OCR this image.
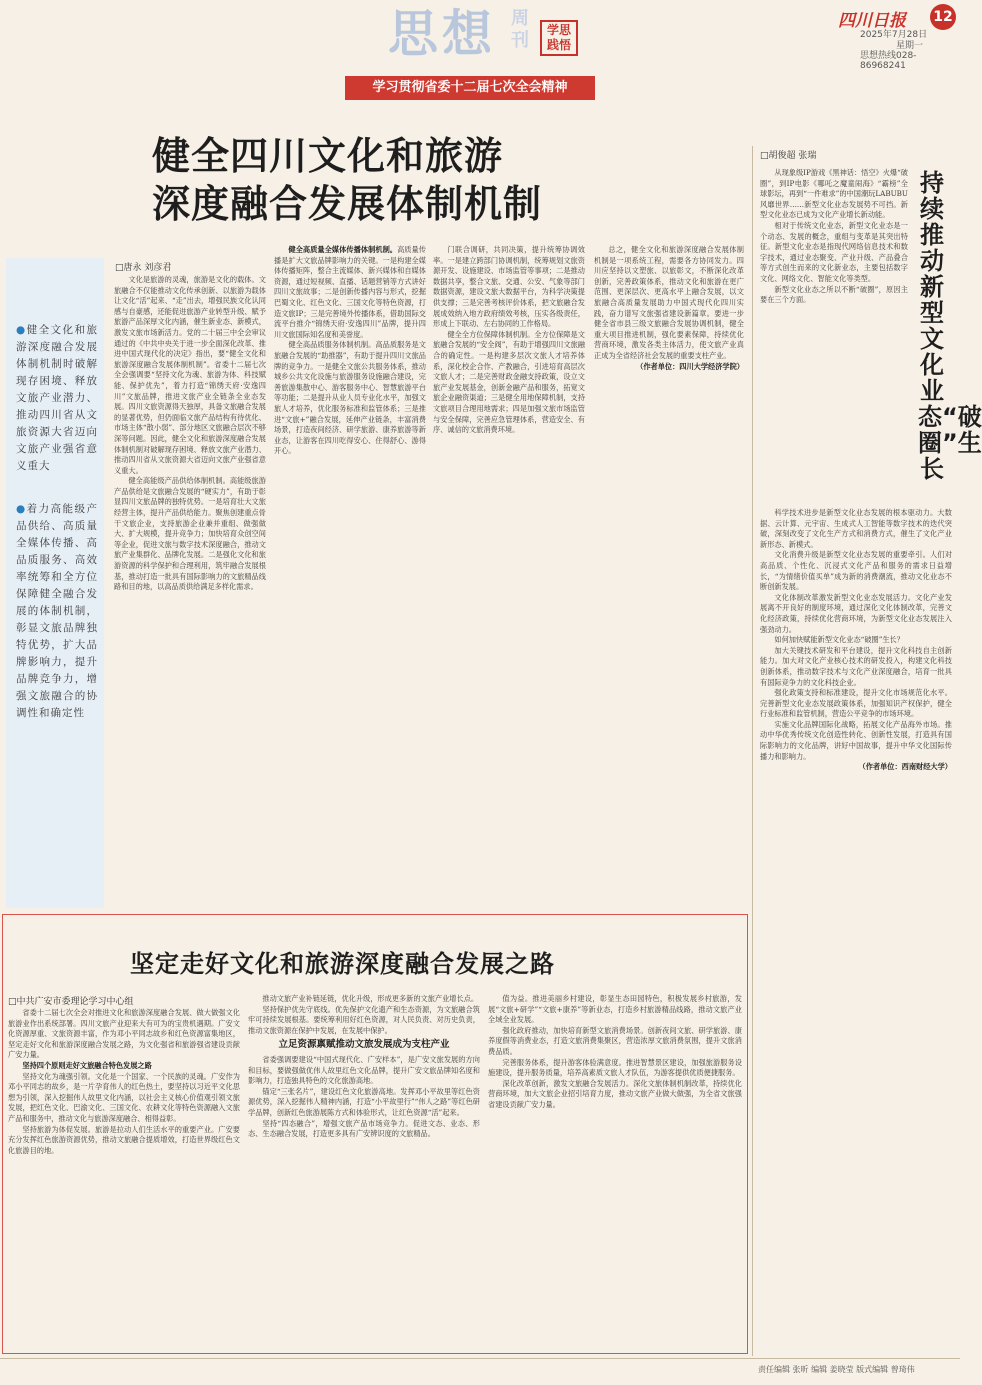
思想 周刊	学思践悟
四川日报 12
2025年7月28日
星期一
思想热线028-86968241
学习贯彻省委十二届七次全会精神
健全四川文化和旅游
深度融合发展体制机制
□唐永 刘彦君
●健全文化和旅游深度融合发展体制机制时破解现存困境、释放文旅产业潜力、推动四川省从文旅资源大省迈向文旅产业强省意义重大
●着力高能级产品供给、高质量全媒体传播、高品质服务、高效率统筹和全方位保障健全融合发展的体制机制，彰显文旅品牌独特优势，扩大品牌影响力，提升品牌竞争力，增强文旅融合的协调性和确定性

文化是旅游的灵魂，旅游是文化的载体。文旅融合不仅能推动文化传承创新、以旅游为载体让文化“活”起来、“走”出去，增强民族文化认同感与自豪感，还能促进旅游产业转型升级、赋予旅游产品深厚文化内涵，催生新业态、新模式，激发文旅市场新活力。党的二十届三中全会审议通过的《中共中央关于进一步全面深化改革、推进中国式现代化的决定》指出，要“健全文化和旅游深度融合发展体制机制”。省委十二届七次全会强调要“坚持文化为魂、旅游为体、科技赋能、保护优先”，着力打造“锦绣天府·安逸四川”文旅品牌，推进文旅产业全链条全业态发展。四川文旅资源得天独厚，具备文旅融合发展的显著优势，但仍面临文旅产品结构有待优化、市场主体“散小弱”、部分地区文旅融合层次不够深等问题。因此，健全文化和旅游深度融合发展体制机制对破解现存困境、释放文旅产业潜力、推动四川省从文旅资源大省迈向文旅产业强省意义重大。

健全高能级产品供给体制机制。高能级旅游产品供给是文旅融合发展的“硬实力”，有助于彰显四川文旅品牌的独特优势。一是培育壮大文旅经营主体，提升产品供给能力。聚焦创建重点骨干文旅企业，支持旅游企业兼并重组、做强做大、扩大规模，提升竞争力；加快培育众创空间等企业，促进文旅与数字技术深度融合，推动文旅产业集群化、品牌化发展。二是强化文化和旅游资源的科学保护和合理利用，筑牢融合发展根基，推动打造一批具有国际影响力的文旅精品线路和目的地，以高品质供给满足多样化需求。

健全高质量全媒体传播体制机制。高质量传播是扩大文旅品牌影响力的关键。一是构建全媒体传播矩阵，整合主流媒体、新兴媒体和自媒体资源，通过短视频、直播、话题营销等方式讲好四川文旅故事；二是创新传播内容与形式，挖掘巴蜀文化、红色文化、三国文化等特色资源，打造文旅IP；三是完善境外传播体系，借助国际交流平台推介“锦绣天府·安逸四川”品牌，提升四川文旅国际知名度和美誉度。

健全高品质服务体制机制。高品质服务是文旅融合发展的“助推器”，有助于提升四川文旅品牌的竞争力。一是健全文旅公共服务体系，推动城乡公共文化设施与旅游服务设施融合建设，完善旅游集散中心、游客服务中心、智慧旅游平台等功能；二是提升从业人员专业化水平，加强文旅人才培养，优化服务标准和监管体系；三是推进“文旅+”融合发展，延伸产业链条，丰富消费场景，打造夜间经济、研学旅游、康养旅游等新业态，让游客在四川吃得安心、住得舒心、游得开心。

门联合调研，共同决策，提升统筹协调效率。一是建立跨部门协调机制，统筹规划文旅资源开发、设施建设、市场监管等事项；二是推动数据共享，整合文旅、交通、公安、气象等部门数据资源，建设文旅大数据平台，为科学决策提供支撑；三是完善考核评价体系，把文旅融合发展成效纳入地方政府绩效考核，压实各级责任，形成上下联动、左右协同的工作格局。

健全全方位保障体制机制。全方位保障是文旅融合发展的“安全阀”，有助于增强四川文旅融合的确定性。一是构建多层次文旅人才培养体系，深化校企合作、产教融合，引进培育高层次文旅人才；二是完善财政金融支持政策，设立文旅产业发展基金，创新金融产品和服务，拓宽文旅企业融资渠道；三是健全用地保障机制，支持文旅项目合理用地需求；四是加强文旅市场监管与安全保障，完善应急管理体系，营造安全、有序、诚信的文旅消费环境。

总之，健全文化和旅游深度融合发展体制机制是一项系统工程，需要各方协同发力。四川应坚持以文塑旅、以旅彰文，不断深化改革创新，完善政策体系，推动文化和旅游在更广范围、更深层次、更高水平上融合发展，以文旅融合高质量发展助力中国式现代化四川实践，奋力谱写文旅强省建设新篇章。要进一步健全省市县三级文旅融合发展协调机制，健全重大项目推进机制，强化要素保障，持续优化营商环境，激发各类主体活力，使文旅产业真正成为全省经济社会发展的重要支柱产业。

（作者单位：四川大学经济学院）
□胡俊超 张瑞
持续推动新型文化业态“破圈”生长

从现象级IP游戏《黑神话：悟空》火爆“破圈”，到IP电影《哪吒之魔童闹海》“霸榜”全球影坛，再到“一件难求”的中国潮玩LABUBU风靡世界……新型文化业态发展势不可挡。新型文化业态已成为文化产业增长新动能。

相对于传统文化业态，新型文化业态是一个动态、发展的概念，重组与变革是其突出特征。新型文化业态是指现代网络信息技术和数字技术，通过业态聚变、产业升级、产品叠合等方式创生而来的文化新业态，主要包括数字文化、网络文化、智能文化等类型。

新型文化业态之所以不断“破圈”，原因主要在三个方面。

科学技术进步是新型文化业态发展的根本驱动力。大数据、云计算、元宇宙、生成式人工智能等数字技术的迭代突破，深刻改变了文化生产方式和消费方式，催生了文化产业新形态、新模式。

文化消费升级是新型文化业态发展的重要牵引。人们对高品质、个性化、沉浸式文化产品和服务的需求日益增长，“为情绪价值买单”成为新的消费潮流，推动文化业态不断创新发展。

文化体制改革激发新型文化业态发展活力。文化产业发展离不开良好的制度环境，通过深化文化体制改革，完善文化经济政策，持续优化营商环境，为新型文化业态发展注入强劲动力。

如何加快赋能新型文化业态“破圈”生长？

加大关键技术研发和平台建设，提升文化科技自主创新能力。加大对文化产业核心技术的研发投入，构建文化科技创新体系，推动数字技术与文化产业深度融合，培育一批具有国际竞争力的文化科技企业。

强化政策支持和标准建设，提升文化市场规范化水平。完善新型文化业态发展政策体系，加强知识产权保护，健全行业标准和监管机制，营造公平竞争的市场环境。

实施文化品牌国际化战略，拓展文化产品海外市场。推动中华优秀传统文化创造性转化、创新性发展，打造具有国际影响力的文化品牌，讲好中国故事，提升中华文化国际传播力和影响力。

（作者单位：西南财经大学）
坚定走好文化和旅游深度融合发展之路
□中共广安市委理论学习中心组

省委十二届七次全会对推进文化和旅游深度融合发展、做大做强文化旅游业作出系统部署。四川文旅产业迎来大有可为的宝贵机遇期。广安文化资源厚重、文旅资源丰富，作为邓小平同志故乡和红色资源富集地区，坚定走好文化和旅游深度融合发展之路，为文化强省和旅游强省建设贡献广安力量。

坚持四个原则走好文旅融合特色发展之路

坚持文化为魂强引领。文化是一个国家、一个民族的灵魂。广安作为邓小平同志的故乡，是一片孕育伟人的红色热土，要坚持以习近平文化思想为引领，深入挖掘伟人故里文化内涵，以社会主义核心价值观引领文旅发展，把红色文化、巴渝文化、三国文化、农耕文化等特色资源融入文旅产品和服务中，推动文化与旅游深度融合、相得益彰。

坚持旅游为体促发展。旅游是拉动人们生活水平的重要产业。广安要充分发挥红色旅游资源优势，推动文旅融合提质增效，打造世界级红色文化旅游目的地。

推动文旅产业补链延链，优化升级，形成更多新的文旅产业增长点。

坚持保护优先守底线。优先保护文化遗产和生态资源，为文旅融合筑牢可持续发展根基。要统筹利用好红色资源，对人民负责、对历史负责，推动文旅资源在保护中发展，在发展中保护。

立足资源禀赋推动文旅发展成为支柱产业

省委强调要建设“中国式现代化、广安样本”，是广安文旅发展的方向和目标，要做强做优伟人故里红色文化品牌，提升广安文旅品牌知名度和影响力，打造独具特色的文化旅游高地。

锚定“三张名片”，建设红色文化旅游高地。发挥邓小平故里等红色资源优势，深入挖掘伟人精神内涵，打造“小平故里行”“伟人之路”等红色研学品牌，创新红色旅游展陈方式和体验形式，让红色资源“活”起来。

坚持“四态融合”，增强文旅产品市场竞争力。促进文态、业态、形态、生态融合发展，打造更多具有广安辨识度的文旅精品。

值为益。推进美丽乡村建设，彰显生态田园特色，积极发展乡村旅游，发展“文旅+研学”“文旅+康养”等新业态，打造乡村旅游精品线路，推动文旅产业全域全业发展。

强化政府推动，加快培育新型文旅消费场景。创新夜间文旅、研学旅游、康养度假等消费业态，打造文旅消费集聚区，营造浓厚文旅消费氛围，提升文旅消费品质。

完善服务体系，提升游客体验满意度。推进智慧景区建设，加强旅游服务设施建设，提升服务质量，培养高素质文旅人才队伍，为游客提供优质便捷服务。

深化改革创新，激发文旅融合发展活力。深化文旅体制机制改革，持续优化营商环境，加大文旅企业招引培育力度，推动文旅产业做大做强，为全省文旅强省建设贡献广安力量。

责任编辑 张昕 编辑 姜晓莹 版式编辑 曾琦伟
